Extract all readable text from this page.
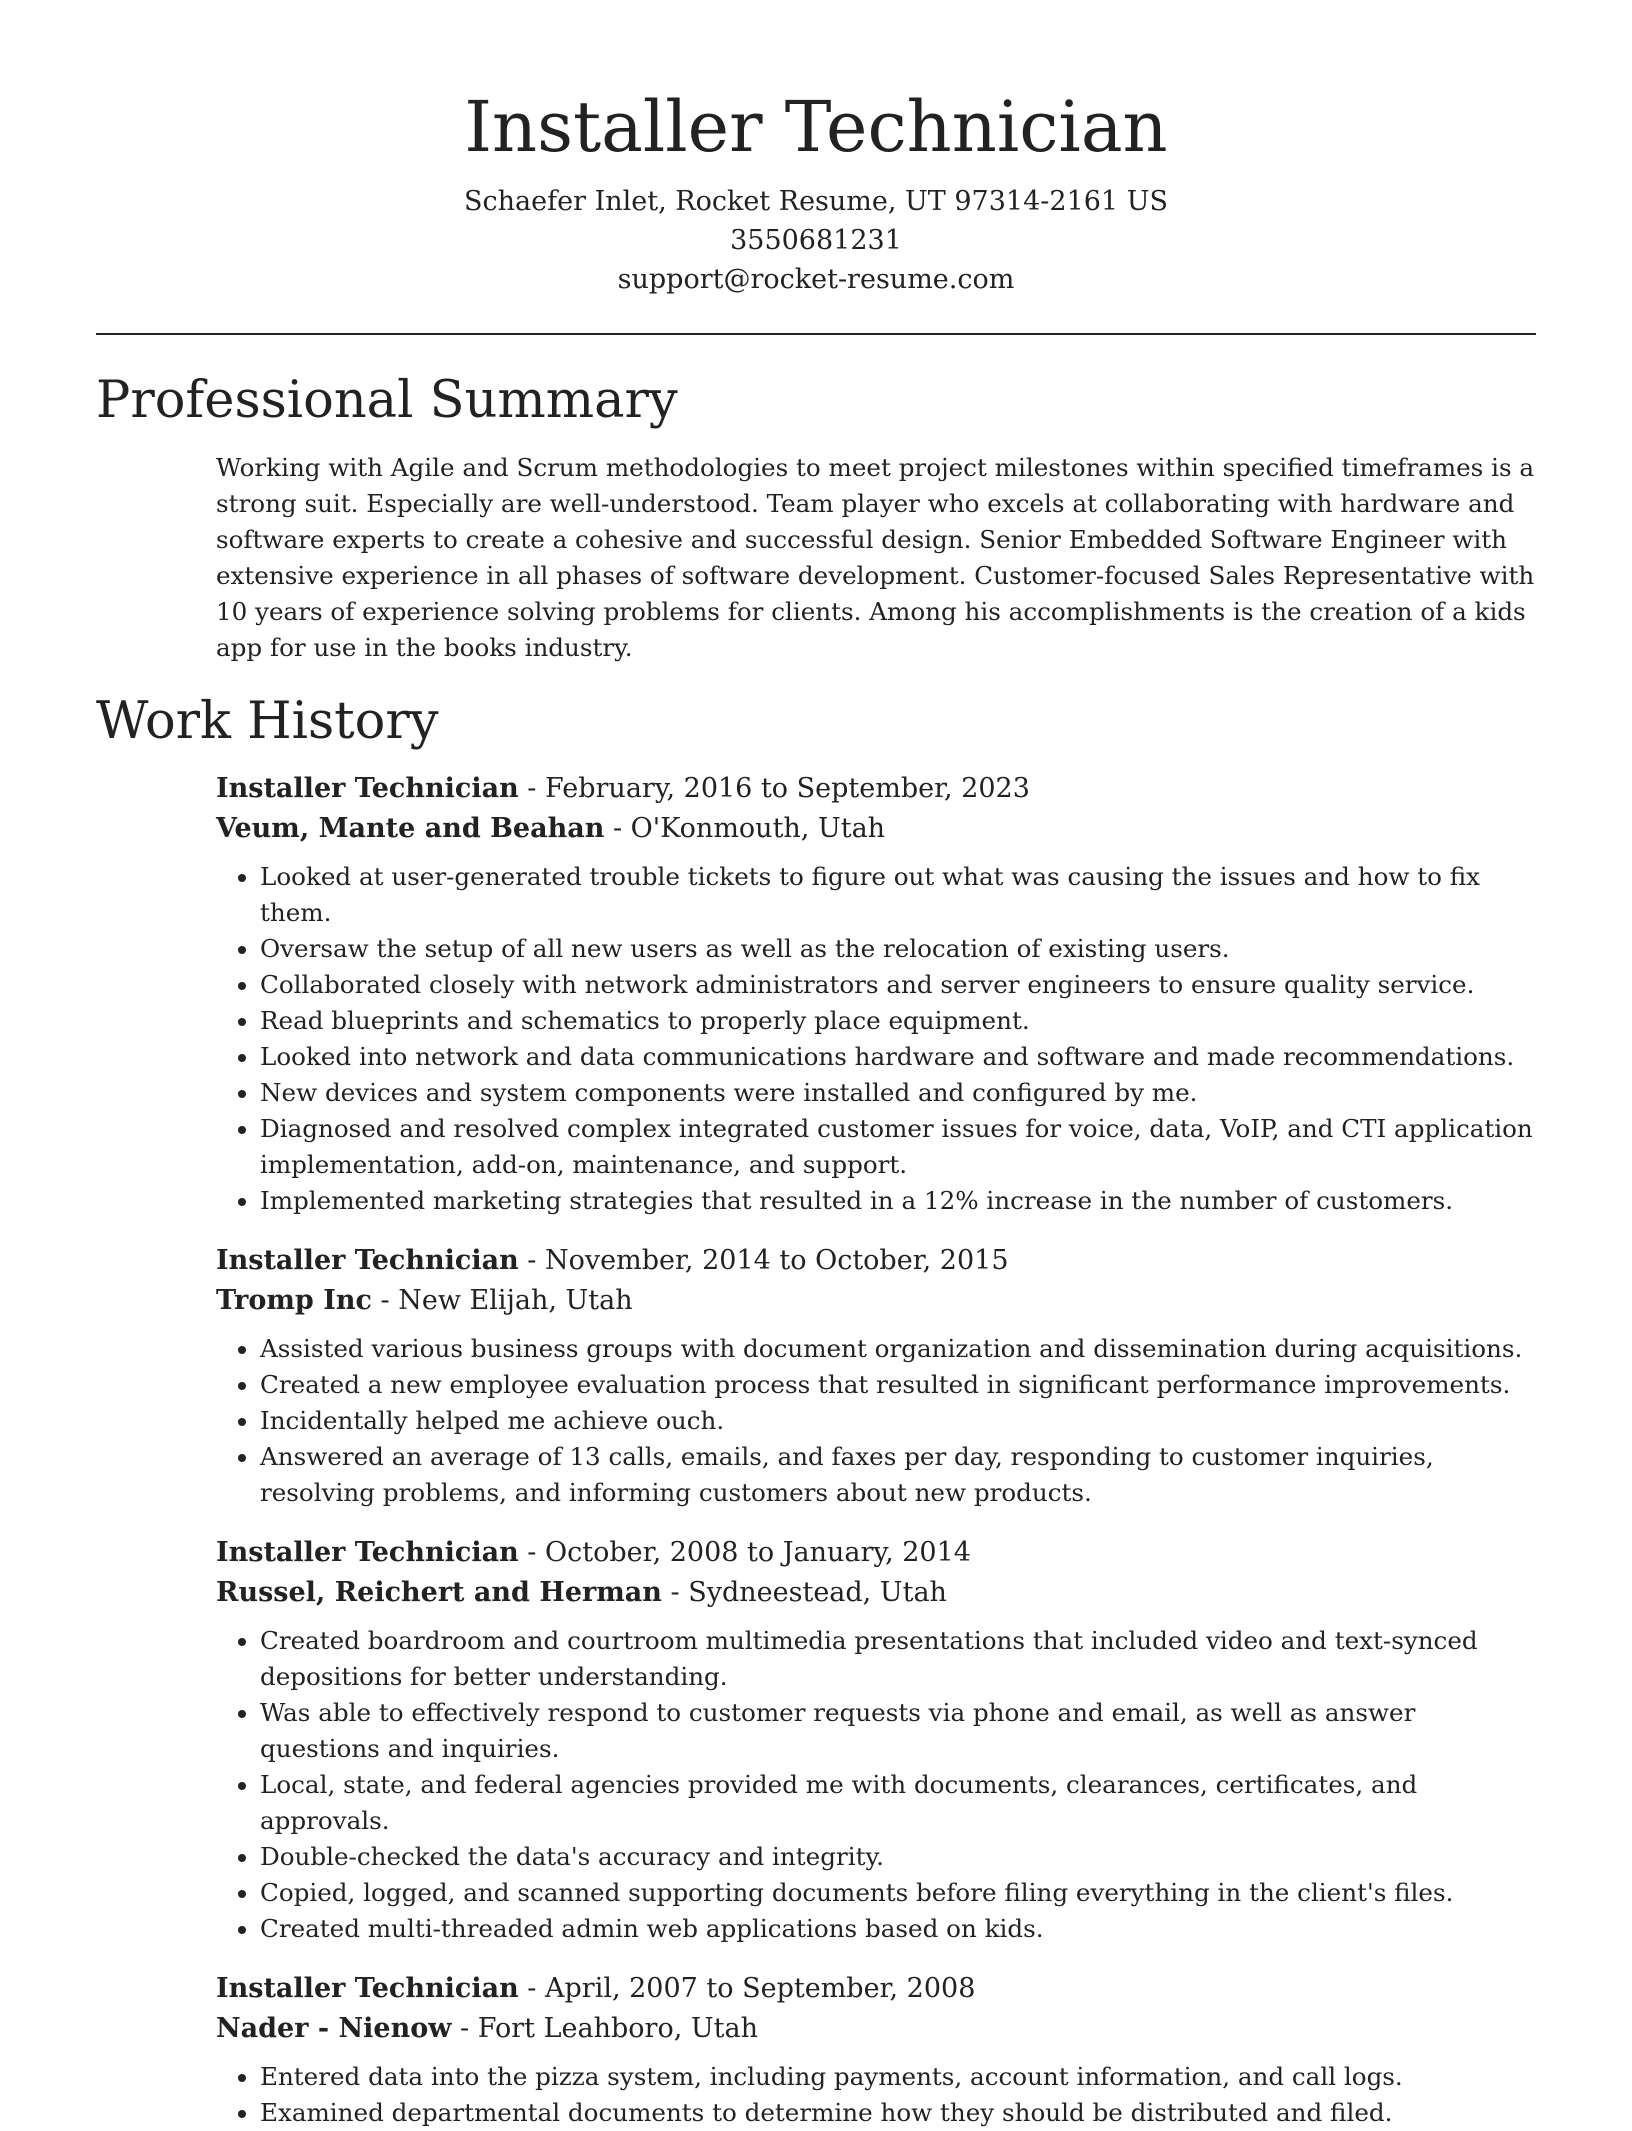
Installer Technician
Schaefer Inlet, Rocket Resume, UT 97314-2161 US
3550681231
support@rocket-resume.com
Professional Summary

Working with Agile and Scrum methodologies to meet project milestones within specified timeframes is a strong suit. Especially are well-understood. Team player who excels at collaborating with hardware and software experts to create a cohesive and successful design. Senior Embedded Software Engineer with extensive experience in all phases of software development. Customer-focused Sales Representative with 10 years of experience solving problems for clients. Among his accomplishments is the creation of a kids app for use in the books industry.

Work History
Installer Technician - February, 2016 to September, 2023
Veum, Mante and Beahan - O'Konmouth, Utah
• Looked at user-generated trouble tickets to figure out what was causing the issues and how to fix them.
• Oversaw the setup of all new users as well as the relocation of existing users.
• Collaborated closely with network administrators and server engineers to ensure quality service.
• Read blueprints and schematics to properly place equipment.
• Looked into network and data communications hardware and software and made recommendations.
• New devices and system components were installed and configured by me.
• Diagnosed and resolved complex integrated customer issues for voice, data, VoIP, and CTI application implementation, add-on, maintenance, and support.
• Implemented marketing strategies that resulted in a 12% increase in the number of customers.
Installer Technician - November, 2014 to October, 2015
Tromp Inc - New Elijah, Utah
• Assisted various business groups with document organization and dissemination during acquisitions.
• Created a new employee evaluation process that resulted in significant performance improvements.
• Incidentally helped me achieve ouch.
• Answered an average of 13 calls, emails, and faxes per day, responding to customer inquiries, resolving problems, and informing customers about new products.
Installer Technician - October, 2008 to January, 2014
Russel, Reichert and Herman - Sydneestead, Utah
• Created boardroom and courtroom multimedia presentations that included video and text-synced depositions for better understanding.
• Was able to effectively respond to customer requests via phone and email, as well as answer questions and inquiries.
• Local, state, and federal agencies provided me with documents, clearances, certificates, and approvals.
• Double-checked the data's accuracy and integrity.
• Copied, logged, and scanned supporting documents before filing everything in the client's files.
• Created multi-threaded admin web applications based on kids.
Installer Technician - April, 2007 to September, 2008
Nader - Nienow - Fort Leahboro, Utah
• Entered data into the pizza system, including payments, account information, and call logs.
• Examined departmental documents to determine how they should be distributed and filed.
